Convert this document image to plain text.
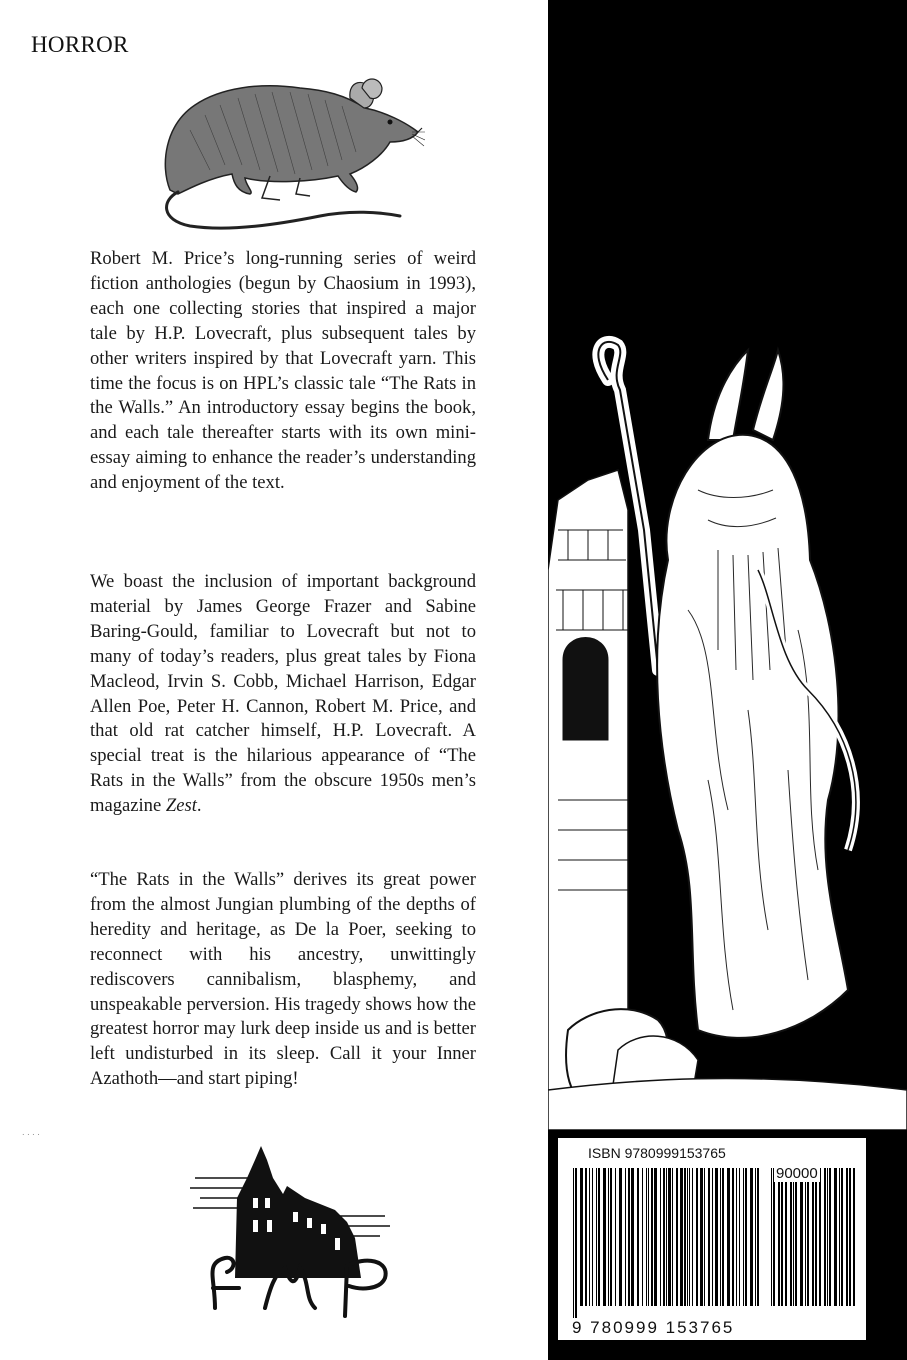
HORROR

Robert M. Price’s long-running series of weird fiction anthologies (begun by Chaosium in 1993), each one collecting stories that inspired a major tale by H.P. Lovecraft, plus subsequent tales by other writers inspired by that Lovecraft yarn. This time the focus is on HPL’s classic tale “The Rats in the Walls.” An introductory essay begins the book, and each tale thereafter starts with its own mini-essay aiming to enhance the reader’s understanding and enjoyment of the text.

We boast the inclusion of important background material by James George Frazer and Sabine Baring-Gould, familiar to Lovecraft but not to many of today’s readers, plus great tales by Fiona Macleod, Irvin S. Cobb, Michael Harrison, Edgar Allen Poe, Peter H. Cannon, Robert M. Price, and that old rat catcher himself, H.P. Lovecraft. A special treat is the hilarious appearance of “The Rats in the Walls” from the obscure 1950s men’s magazine Zest.

“The Rats in the Walls” derives its great power from the almost Jungian plumbing of the depths of heredity and heritage, as De la Poer, seeking to reconnect with his ancestry, unwittingly rediscovers cannibalism, blasphemy, and unspeakable perversion. His tragedy shows how the greatest horror may lurk deep inside us and is better left undisturbed in its sleep. Call it your Inner Azathoth—and start piping!

. . . .
ISBN 9780999153765
90000
9 780999 153765
